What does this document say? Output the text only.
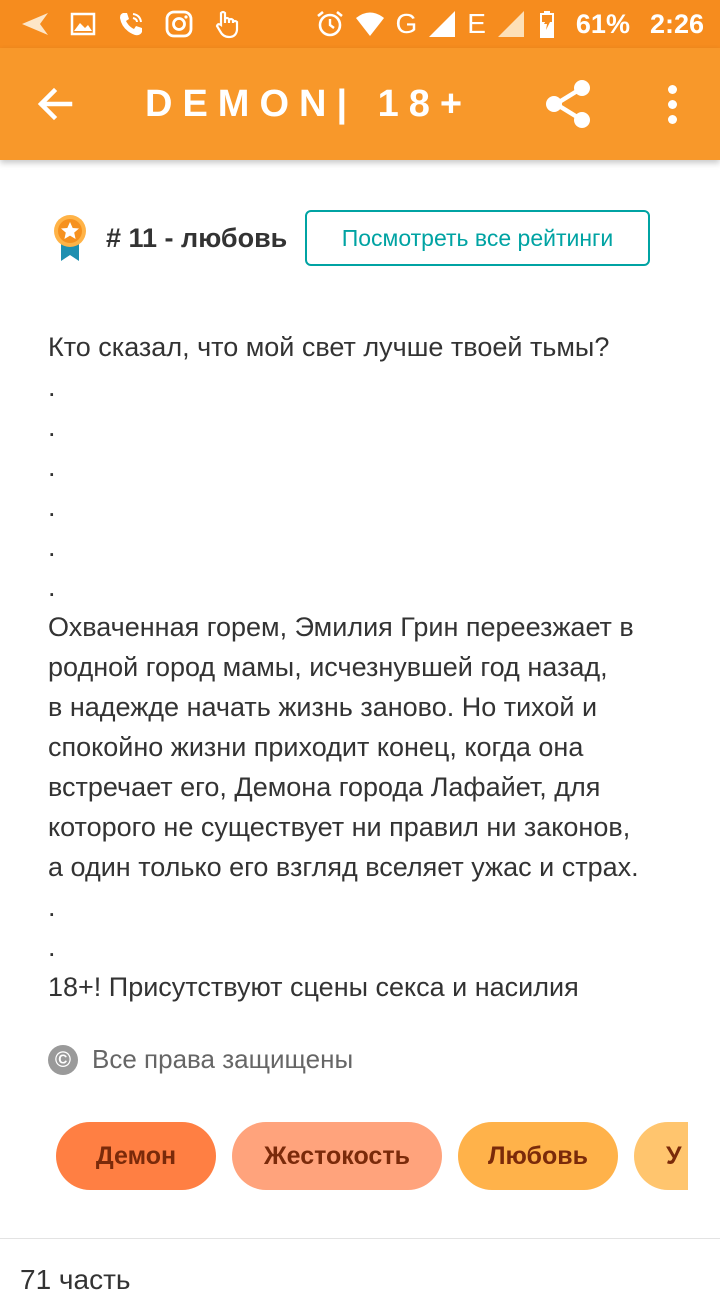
G E	61% 2:26
DEMON| 18+
# 11 - любовь	Посмотреть все рейтинги

Кто сказал, что мой свет лучше твоей тьмы?

.

.

.

.

.

.

Охваченная горем, Эмилия Грин переезжает в

родной город мамы, исчезнувшей год назад,

в надежде начать жизнь заново. Но тихой и

спокойно жизни приходит конец, когда она

встречает его, Демона города Лафайет, для

которого не существует ни правил ни законов,

а один только его взгляд вселяет ужас и страх.

.

.

18+! Присутствуют сцены секса и насилия

© Все права защищены
Демон	Жестокость	Любовь	У
71 часть
